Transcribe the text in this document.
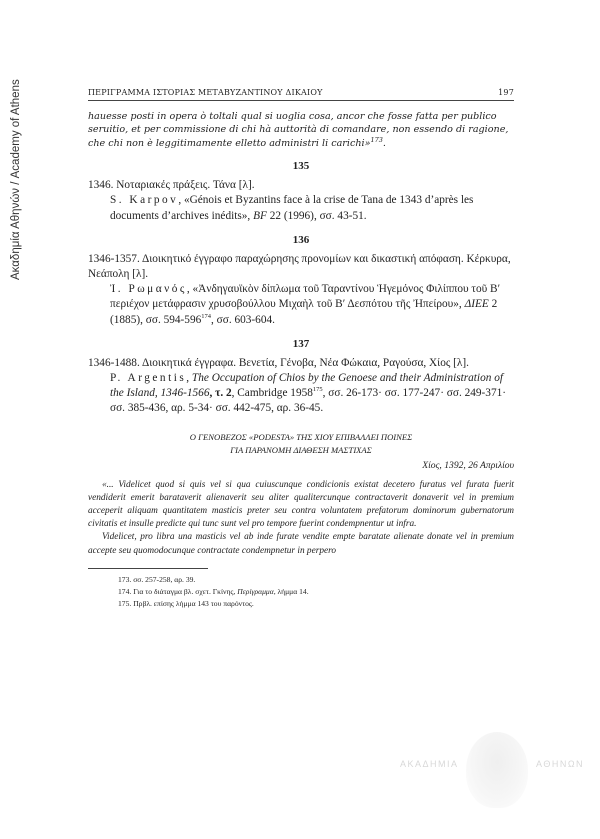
Ακαδημία Αθηνών / Academy of Athens	ΠΕΡΙΓΡΑΜΜΑ ΙΣΤΟΡΙΑΣ ΜΕΤΑΒΥΖΑΝΤΙΝΟΥ ΔΙΚΑΙΟΥ	197
hauesse posti in opera ò toltali qual si uoglia cosa, ancor che fosse fatta per publico seruitio, et per commissione di chi hà auttorità di comandare, non essendo di ragione, che chi non è leggitimamente elletto administri li carichi»$^{173}$.
135
1346. Νοταριακές πράξεις. Τάνα [λ].
S. Karpov, «Génois et Byzantins face à la crise de Tana de 1343 d’après les documents d’archives inédits», BF 22 (1996), σσ. 43-51.
136
1346-1357. Διοικητικό έγγραφο παραχώρησης προνομίων και δικαστική απόφαση. Κέρκυρα, Νεάπολη [λ].
Ἰ. Ρωμανός, «Ἀνδηγαυϊκὸν δίπλωμα τοῦ Ταραντίνου Ἡγεμόνος Φιλίππου τοῦ Β′ περιέχον μετάφρασιν χρυσοβούλλου Μιχαὴλ τοῦ Β′ Δεσπότου τῆς Ἠπείρου», ΔΙΕΕ 2 (1885), σσ. $594-596^{174}$, σσ. 603-604.
137
1346-1488. Διοικητικά έγγραφα. Βενετία, Γένοβα, Νέα Φώκαια, Ραγούσα, Χίος [λ].
P. Argentis, The Occupation of Chios by the Genoese and their Administration of the Island, 1346-1566, τ. 2, Cambridge 1958$^{175}$, σσ. 26-173· σσ. 177-247· σσ. 249-371· σσ. 385-436, αρ. 5-34· σσ. 442-475, αρ. 36-45.
Ο ΓΕΝΟΒΕΖΟΣ «PODESTA» ΤΗΣ ΧΙΟΥ ΕΠΙΒΑΛΛΕΙ ΠΟΙΝΕΣ
ΓΙΑ ΠΑΡΑΝΟΜΗ ΔΙΑΘΕΣΗ ΜΑΣΤΙΧΑΣ
Χίος, 1392, 26 Απριλίου
«... Videlicet quod si quis vel si qua cuiuscunque condicionis existat decetero furatus vel furata fuerit vendiderit emerit barataverit alienaverit seu aliter qualitercunque contractaverit donaverit vel in premium acceperit aliquam quantitatem masticis preter seu contra voluntatem prefatorum dominorum gubernatorum civitatis et insulle predicte qui tunc sunt vel pro tempore fuerint condempnentur ut infra.
Videlicet, pro libra una masticis vel ab inde furate vendite empte baratate alienate donate vel in premium accepte seu quomodocunque contractate condempnetur in perpero
173. σσ. 257-258, αρ. 39.
174. Για το διάταγμα βλ. σχετ. Γκίνης, Περίγραμμα, λήμμα 14.
175. Πρβλ. επίσης λήμμα 143 του παρόντος.
ΑΚΑΔΗΜΙΑ	ΑΘΗΝΩΝ
